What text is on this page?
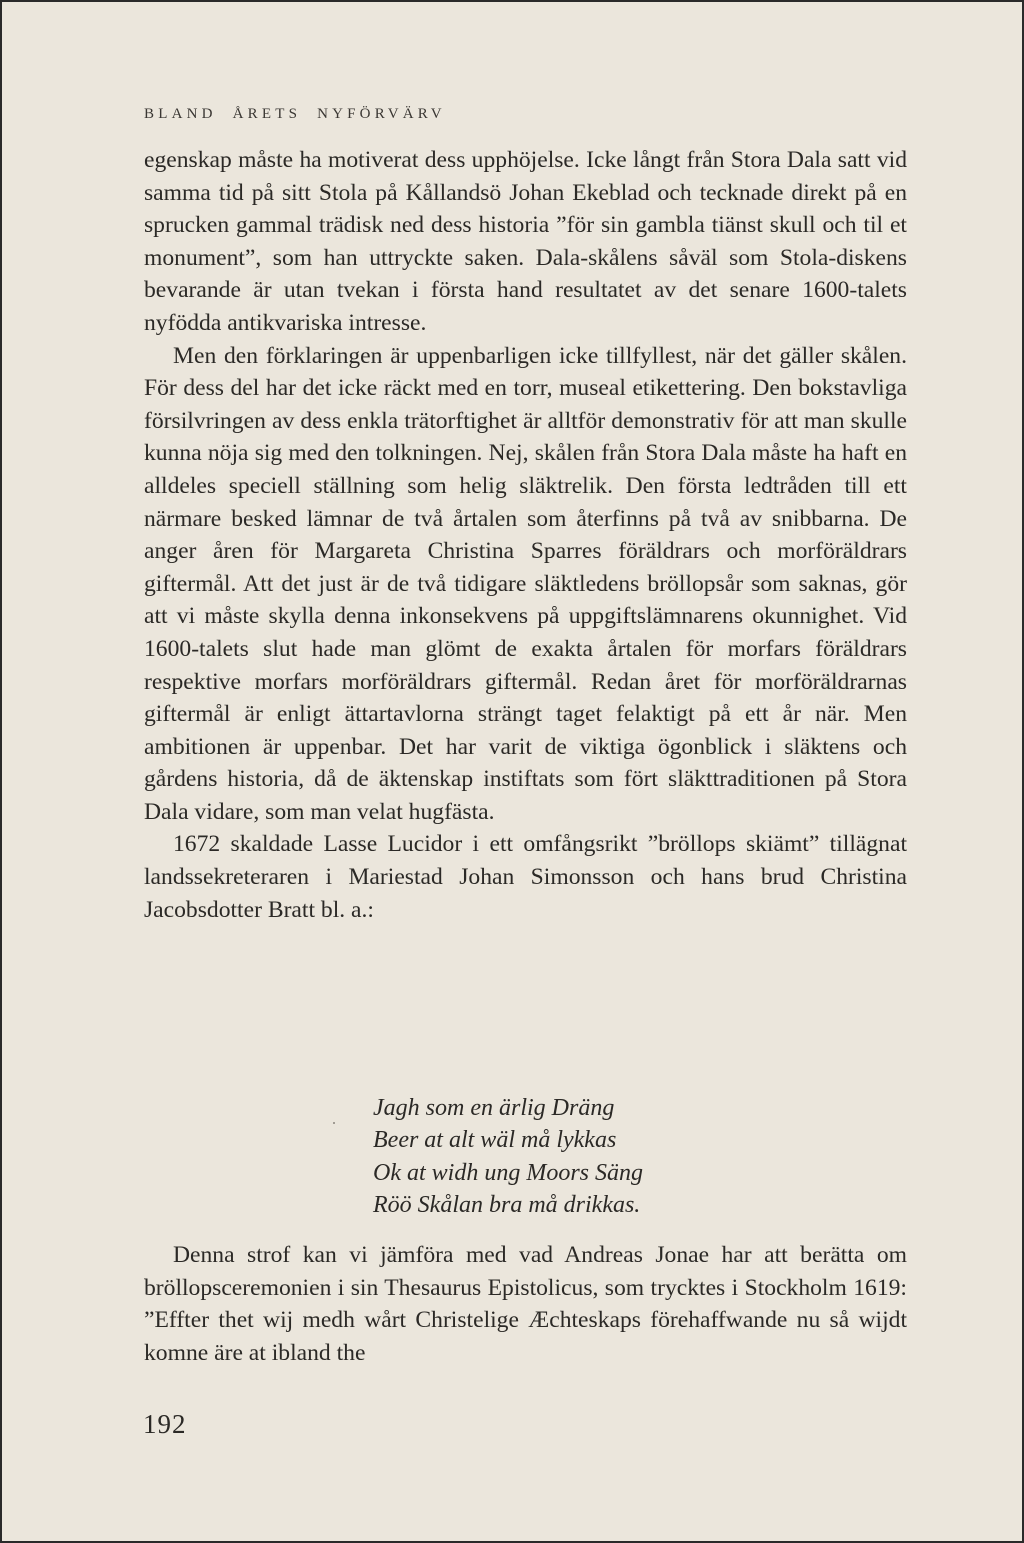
BLAND ÅRETS NYFÖRVÄRV

egenskap måste ha motiverat dess upphöjelse. Icke långt från Stora Dala satt vid samma tid på sitt Stola på Kållandsö Johan Ekeblad och tecknade direkt på en sprucken gammal trädisk ned dess historia ”för sin gambla tiänst skull och til et monument”, som han uttryckte saken. Dala-skålens såväl som Stola-diskens bevarande är utan tvekan i första hand resultatet av det senare 1600-talets nyfödda antikvariska intresse.

Men den förklaringen är uppenbarligen icke tillfyllest, när det gäller skålen. För dess del har det icke räckt med en torr, museal etikettering. Den bokstavliga försilvringen av dess enkla trätorftighet är alltför demonstrativ för att man skulle kunna nöja sig med den tolkningen. Nej, skålen från Stora Dala måste ha haft en alldeles speciell ställning som helig släktrelik. Den första ledtråden till ett närmare besked lämnar de två årtalen som återfinns på två av snibbarna. De anger åren för Margareta Christina Sparres föräldrars och morföräldrars giftermål. Att det just är de två tidigare släktledens bröllopsår som saknas, gör att vi måste skylla denna inkonsekvens på uppgiftslämnarens okunnighet. Vid 1600-talets slut hade man glömt de exakta årtalen för morfars föräldrars respektive morfars morföräldrars giftermål. Redan året för morföräldrarnas giftermål är enligt ättartavlorna strängt taget felaktigt på ett år när. Men ambitionen är uppenbar. Det har varit de viktiga ögonblick i släktens och gårdens historia, då de äktenskap instiftats som fört släkttraditionen på Stora Dala vidare, som man velat hugfästa.

1672 skaldade Lasse Lucidor i ett omfångsrikt ”bröllops skiämt” tillägnat landssekreteraren i Mariestad Johan Simonsson och hans brud Christina Jacobsdotter Bratt bl. a.:

Jagh som en ärlig Dräng
Beer at alt wäl må lykkas
Ok at widh ung Moors Säng
Röö Skålan bra må drikkas.

Denna strof kan vi jämföra med vad Andreas Jonae har att berätta om bröllopsceremonien i sin Thesaurus Epistolicus, som trycktes i Stockholm 1619: ”Effter thet wij medh wårt Christelige Æchteskaps förehaffwande nu så wijdt komne äre at ibland the

192
